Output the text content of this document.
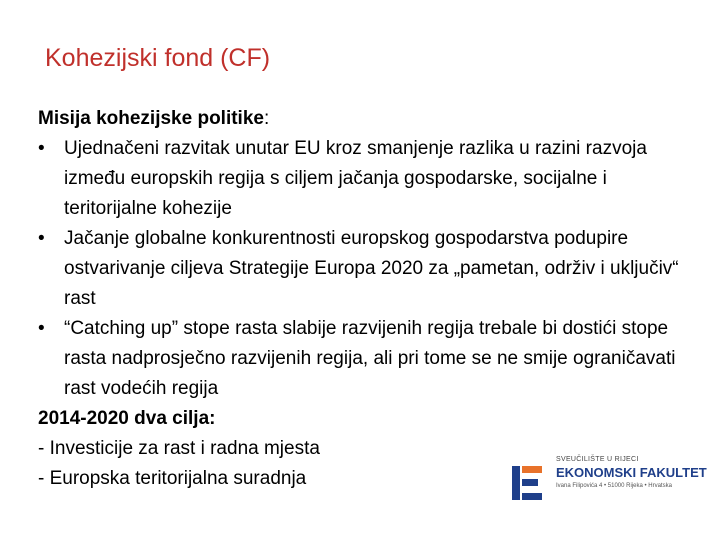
Kohezijski fond (CF)
Misija kohezijske politike:
• Ujednačeni razvitak unutar EU kroz smanjenje razlika u razini razvoja između europskih regija s ciljem jačanja gospodarske, socijalne i teritorijalne kohezije
• Jačanje globalne konkurentnosti europskog gospodarstva podupire ostvarivanje ciljeva Strategije Europa 2020 za „pametan, održiv i uključiv“ rast
• “Catching up” stope rasta slabije razvijenih regija trebale bi dostići stope rasta nadprosječno razvijenih regija, ali pri tome se ne smije ograničavati rast vodećih regija
2014-2020 dva cilja:
- Investicije za rast i radna mjesta
- Europska teritorijalna suradnja
SVEUČILIŠTE U RIJECI
EKONOMSKI FAKULTET
Ivana Filipovića 4 • 51000 Rijeka • Hrvatska
